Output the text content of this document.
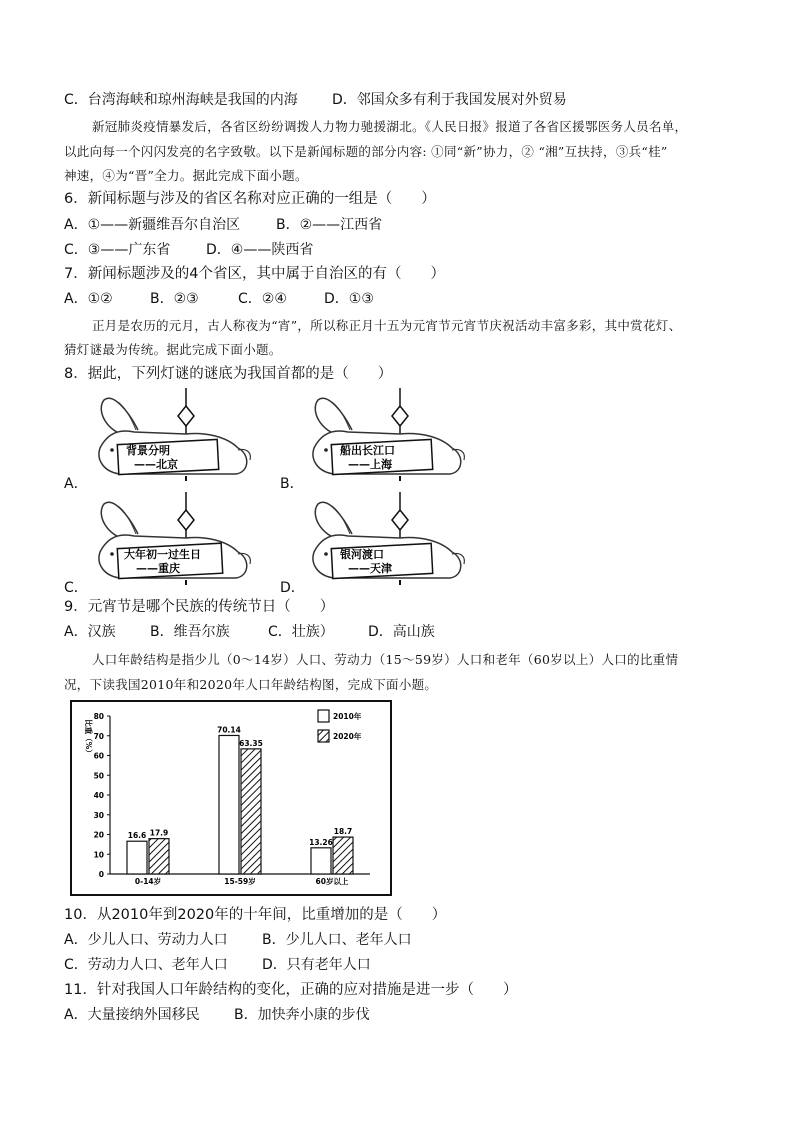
C．台湾海峡和琼州海峡是我国的内海 D．邻国众多有利于我国发展对外贸易
新冠肺炎疫情暴发后，各省区纷纷调拨人力物力驰援湖北。《人民日报》报道了各省区援鄂医务人员名单，
以此向每一个闪闪发亮的名字致敬。以下是新闻标题的部分内容: ①同“新”协力，② “湘”互扶持，③兵“桂”
神速，④为“晋”全力。据此完成下面小题。
6．新闻标题与涉及的省区名称对应正确的一组是（　　）
A．①——新疆维吾尔自治区	B．②——江西省
C．③——广东省	D．④——陕西省
7．新闻标题涉及的4个省区，其中属于自治区的有（　　）
A．①②	B．②③	C．②④	D．①③
正月是农历的元月，古人称夜为“宵”，所以称正月十五为元宵节元宵节庆祝活动丰富多彩，其中赏花灯、
猜灯谜最为传统。据此完成下面小题。
8．据此，下列灯谜的谜底为我国首都的是（　　）
A．	B．
C．	D．
背景分明
——北京
船出长江口
——上海
大年初一过生日
——重庆
银河渡口
——天津
9．元宵节是哪个民族的传统节日（　　）
A．汉族 B．维吾尔族	C．壮族） D．高山族
人口年龄结构是指少儿（0～14岁）人口、劳动力（15～59岁）人口和老年（60岁以上）人口的比重情
况，下读我国2010年和2020年人口年龄结构图，完成下面小题。
0
10
20
30
40
50
60
70
80
比重（%）
16.6 17.9
0-14岁
70.14
63.35
15-59岁
13.26
18.7
60岁以上
2010年
2020年
10．从2010年到2020年的十年间，比重增加的是（　　）
A．少儿人口、劳动力人口 B．少儿人口、老年人口
C．劳动力人口、老年人口 D．只有老年人口
11．针对我国人口年龄结构的变化，正确的应对措施是进一步（　　）
A．大量接纳外国移民 B．加快奔小康的步伐
